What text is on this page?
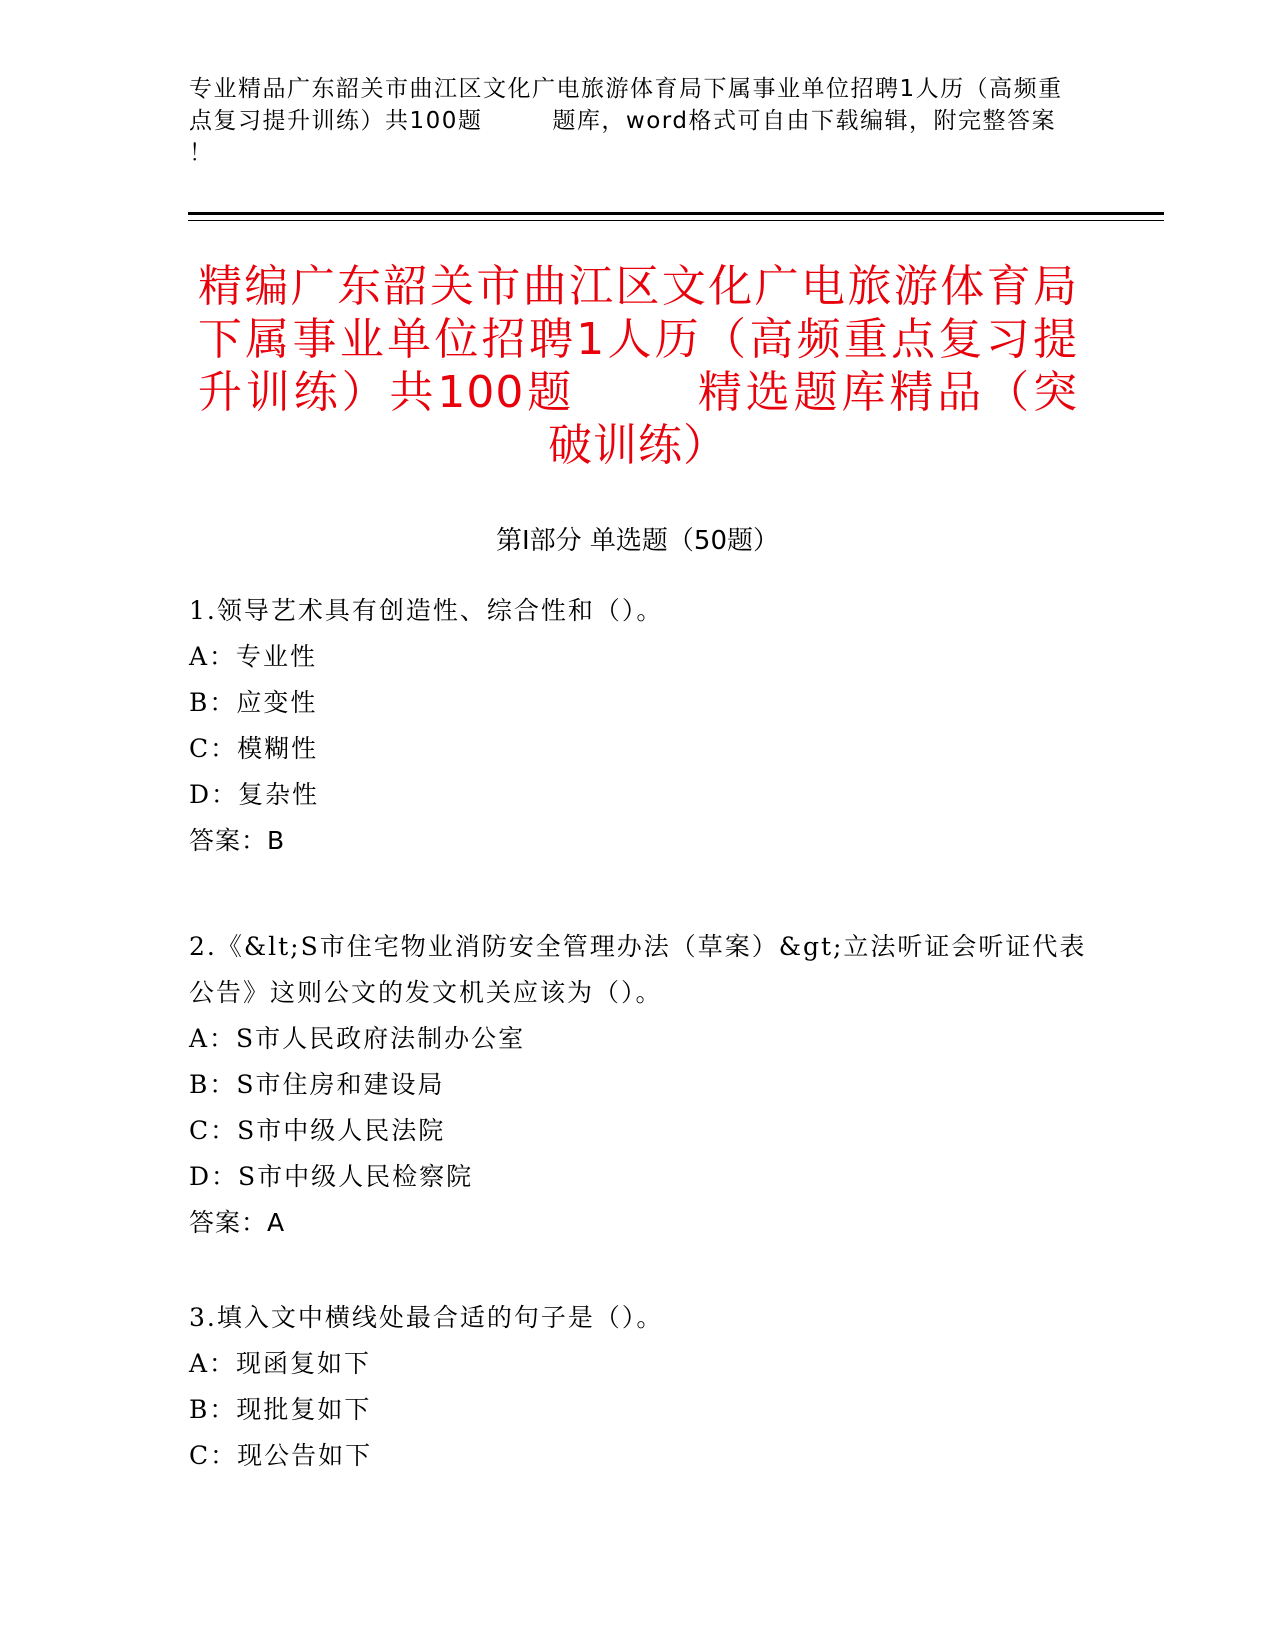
专业精品广东韶关市曲江区文化广电旅游体育局下属事业单位招聘1人历（高频重
点复习提升训练）共100题	题库，word格式可自由下载编辑，附完整答案
！
精编广东韶关市曲江区文化广电旅游体育局下属事业单位招聘1人历（高频重点复习提升训练）共100题	精选题库精品（突破训练）
第Ⅰ部分 单选题（50题）
1.领导艺术具有创造性、综合性和（）。
A：专业性
B：应变性
C：模糊性
D：复杂性
答案：B
2.《&lt;S市住宅物业消防安全管理办法（草案）&gt;立法听证会听证代表公告》这则公文的发文机关应该为（）。
A：S市人民政府法制办公室
B：S市住房和建设局
C：S市中级人民法院
D：S市中级人民检察院
答案：A
3.填入文中横线处最合适的句子是（）。
A：现函复如下
B：现批复如下
C：现公告如下
